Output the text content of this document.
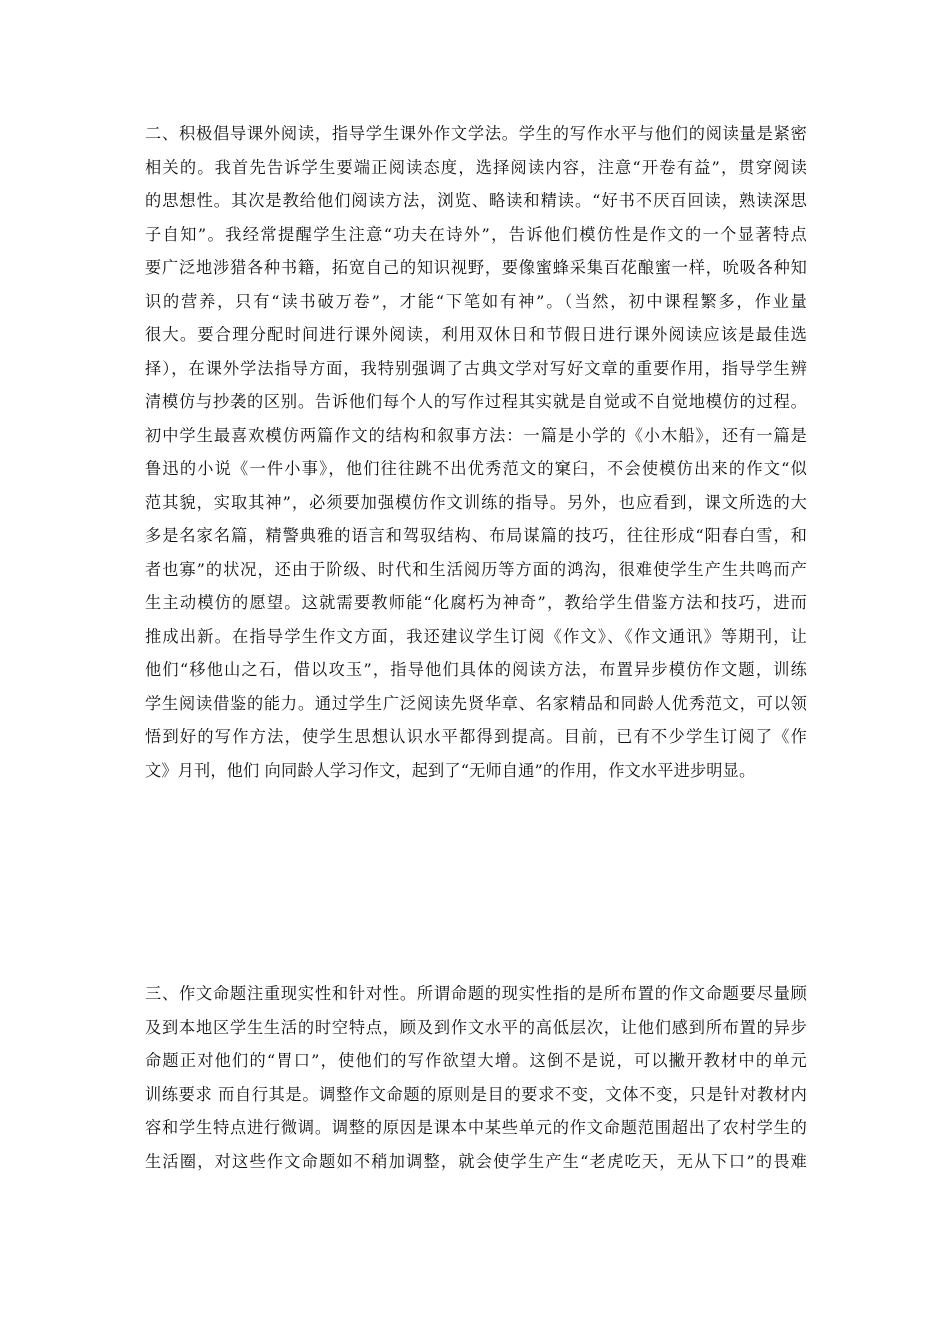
二、积极倡导课外阅读，指导学生课外作文学法。学生的写作水平与他们的阅读量是紧密
相关的。我首先告诉学生要端正阅读态度，选择阅读内容，注意“开卷有益”，贯穿阅读
的思想性。其次是教给他们阅读方法，浏览、略读和精读。“好书不厌百回读，熟读深思
子自知”。我经常提醒学生注意“功夫在诗外”，告诉他们模仿性是作文的一个显著特点
要广泛地涉猎各种书籍，拓宽自己的知识视野，要像蜜蜂采集百花酿蜜一样，吮吸各种知
识的营养，只有“读书破万卷”，才能“下笔如有神”。（当然，初中课程繁多，作业量
很大。要合理分配时间进行课外阅读，利用双休日和节假日进行课外阅读应该是最佳选
择），在课外学法指导方面，我特别强调了古典文学对写好文章的重要作用，指导学生辨
清模仿与抄袭的区别。告诉他们每个人的写作过程其实就是自觉或不自觉地模仿的过程。
初中学生最喜欢模仿两篇作文的结构和叙事方法：一篇是小学的《小木船》，还有一篇是
鲁迅的小说《一件小事》，他们往往跳不出优秀范文的窠臼，不会使模仿出来的作文“似
范其貌，实取其神”，必须要加强模仿作文训练的指导。另外，也应看到，课文所选的大
多是名家名篇，精警典雅的语言和驾驭结构、布局谋篇的技巧，往往形成“阳春白雪，和
者也寡”的状况，还由于阶级、时代和生活阅历等方面的鸿沟，很难使学生产生共鸣而产
生主动模仿的愿望。这就需要教师能“化腐朽为神奇”，教给学生借鉴方法和技巧，进而
推成出新。在指导学生作文方面，我还建议学生订阅《作文》、《作文通讯》等期刊，让
他们“移他山之石，借以攻玉”，指导他们具体的阅读方法，布置异步模仿作文题，训练
学生阅读借鉴的能力。通过学生广泛阅读先贤华章、名家精品和同龄人优秀范文，可以领
悟到好的写作方法，使学生思想认识水平都得到提高。目前，已有不少学生订阅了《作
文》月刊，他们 向同龄人学习作文，起到了“无师自通”的作用，作文水平进步明显。
三、作文命题注重现实性和针对性。所谓命题的现实性指的是所布置的作文命题要尽量顾
及到本地区学生生活的时空特点，顾及到作文水平的高低层次，让他们感到所布置的异步
命题正对他们的“胃口”，使他们的写作欲望大增。这倒不是说，可以撇开教材中的单元
训练要求 而自行其是。调整作文命题的原则是目的要求不变，文体不变，只是针对教材内
容和学生特点进行微调。调整的原因是课本中某些单元的作文命题范围超出了农村学生的
生活圈，对这些作文命题如不稍加调整，就会使学生产生“老虎吃天，无从下口”的畏难
